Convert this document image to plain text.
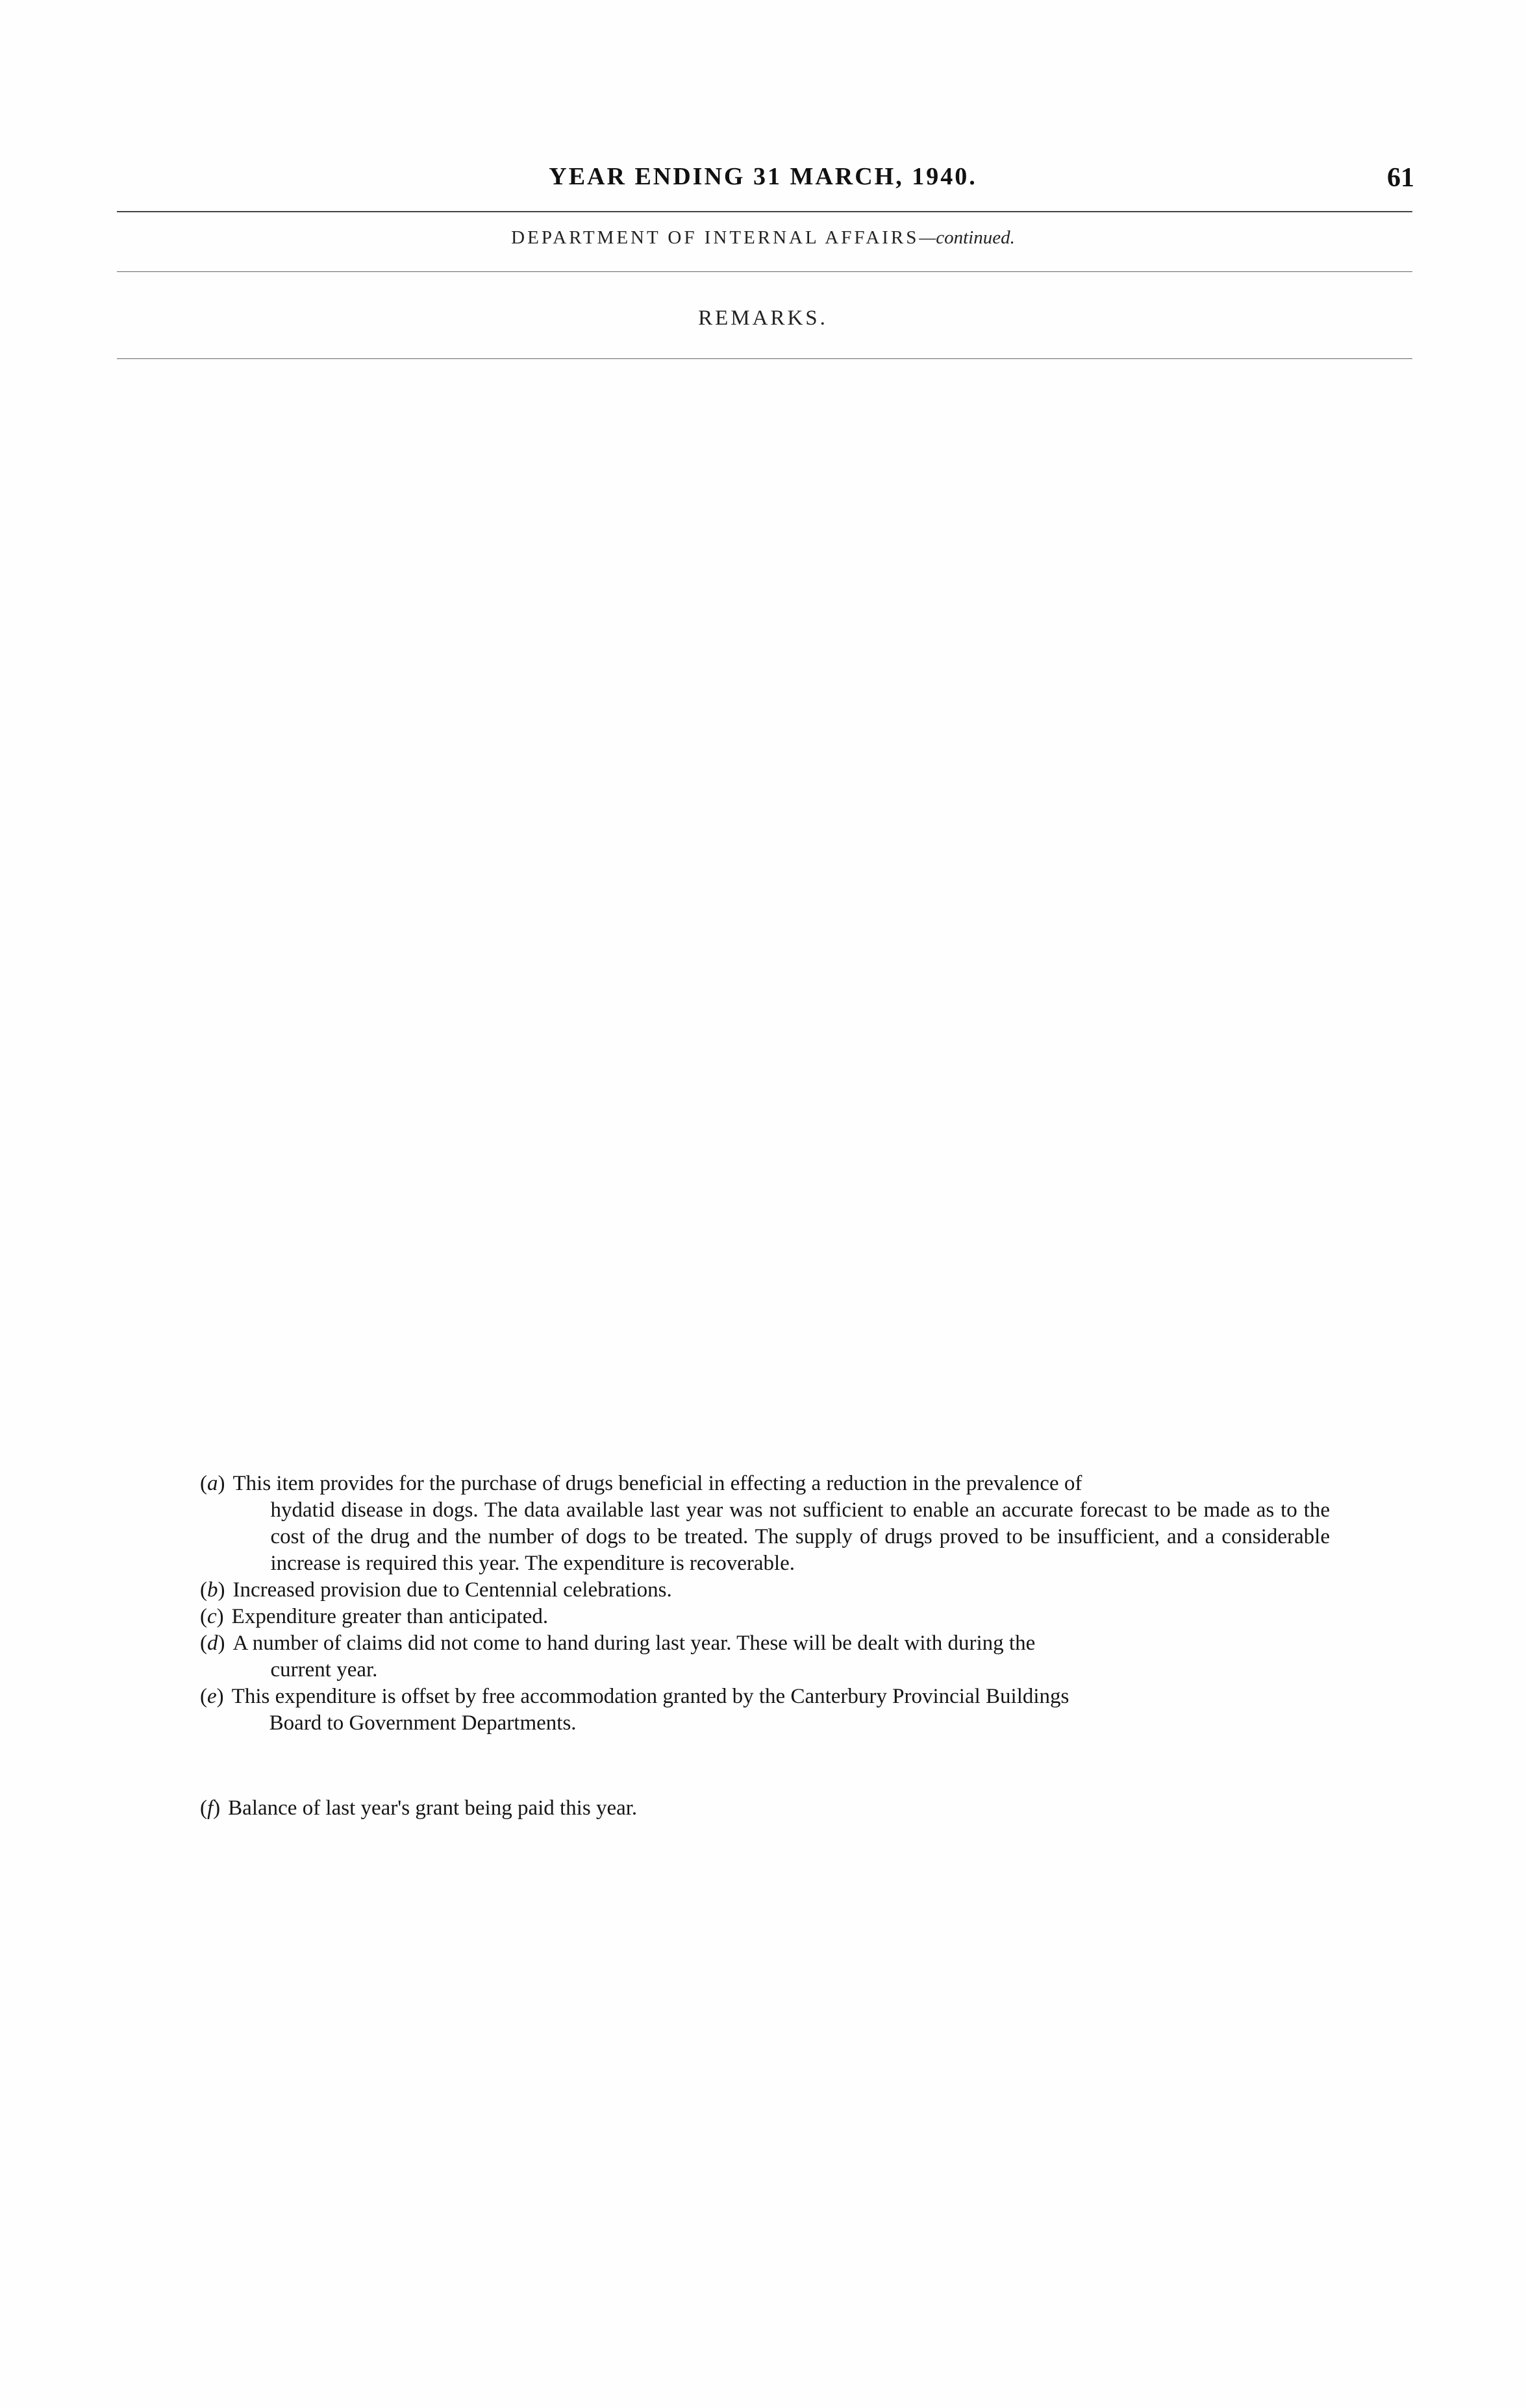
YEAR ENDING 31 MARCH, 1940.	61
DEPARTMENT OF INTERNAL AFFAIRS—continued.
REMARKS.
(a) This item provides for the purchase of drugs beneficial in effecting a reduction in the prevalence of
hydatid disease in dogs. The data available last year was not sufficient to enable an accurate forecast to be made as to the cost of the drug and the number of dogs to be treated. The supply of drugs proved to be insufficient, and a considerable increase is required this year. The expenditure is recoverable.
(b) Increased provision due to Centennial celebrations.
(c) Expenditure greater than anticipated.
(d) A number of claims did not come to hand during last year. These will be dealt with during the
current year.
(e) This expenditure is offset by free accommodation granted by the Canterbury Provincial Buildings
Board to Government Departments.
(f) Balance of last year's grant being paid this year.
